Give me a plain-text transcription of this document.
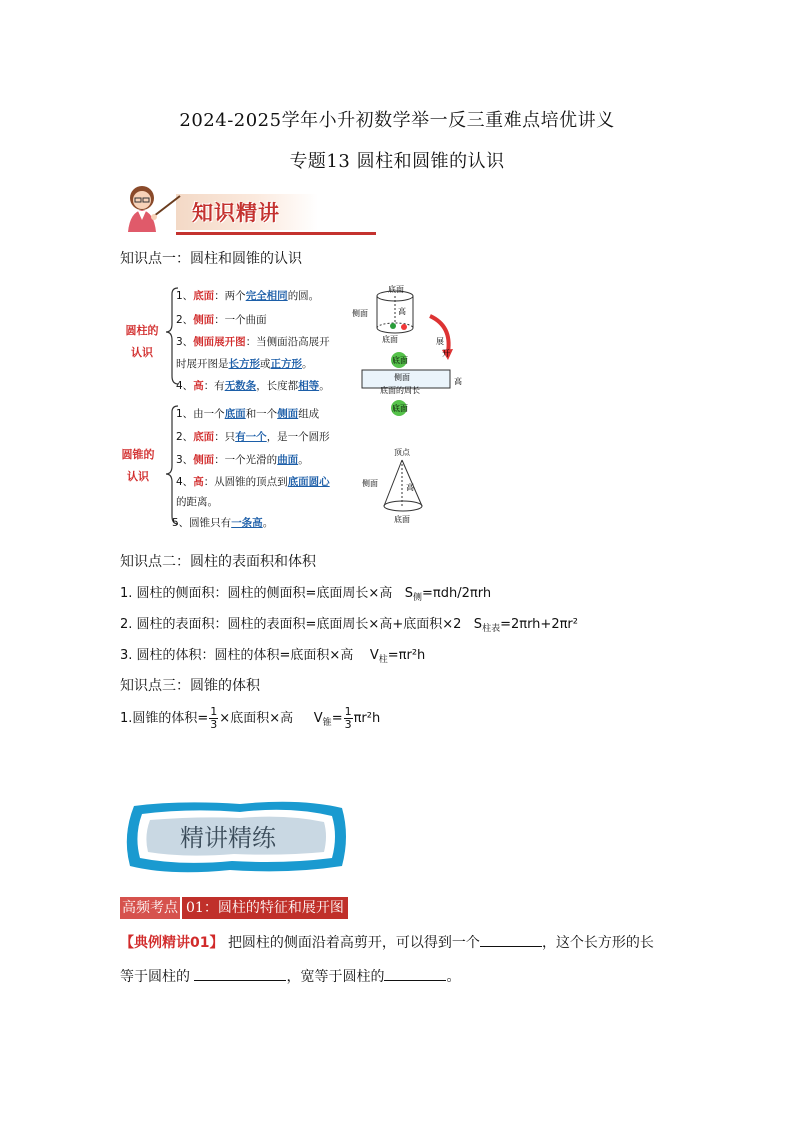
2024-2025学年小升初数学举一反三重难点培优讲义
专题13 圆柱和圆锥的认识
知识精讲
知识点一：圆柱和圆锥的认识
圆柱的
认识
圆锥的
认识
1、底面：两个完全相同的圆。
2、侧面：一个曲面
3、侧面展开图：当侧面沿高展开
时展开图是长方形或正方形。
4、高：有无数条，长度都相等。
1、由一个底面和一个侧面组成
2、底面：只有一个，是一个圆形
3、侧面：一个光滑的曲面。
4、高：从圆锥的顶点到底面圆心
的距离。
5、圆锥只有一条高。
底面
侧面	高
底面	展
开
底面
侧面
底面的周长
高
底面
顶点
侧面	高
底面
知识点二：圆柱的表面积和体积
1. 圆柱的侧面积：圆柱的侧面积=底面周长×高 $S_侧=\pi dh/2\pi rh$
2. 圆柱的表面积：圆柱的表面积=底面周长×高+底面积×2 $S_{柱表}=2\pi rh+2\pi r^2$
3. 圆柱的体积：圆柱的体积=底面积×高 $V_柱=\pi r^2h$
知识点三：圆锥的体积
1.圆锥的体积= $\frac{1}{3}$ ×底面积×高 $V_锥= \frac{1}{3} \pi r^2h$
精讲精练
高频考点 01：圆柱的特征和展开图
【典例精讲01】 把圆柱的侧面沿着高剪开，可以得到一个	，这个长方形的长
等于圆柱的	，宽等于圆柱的	。
